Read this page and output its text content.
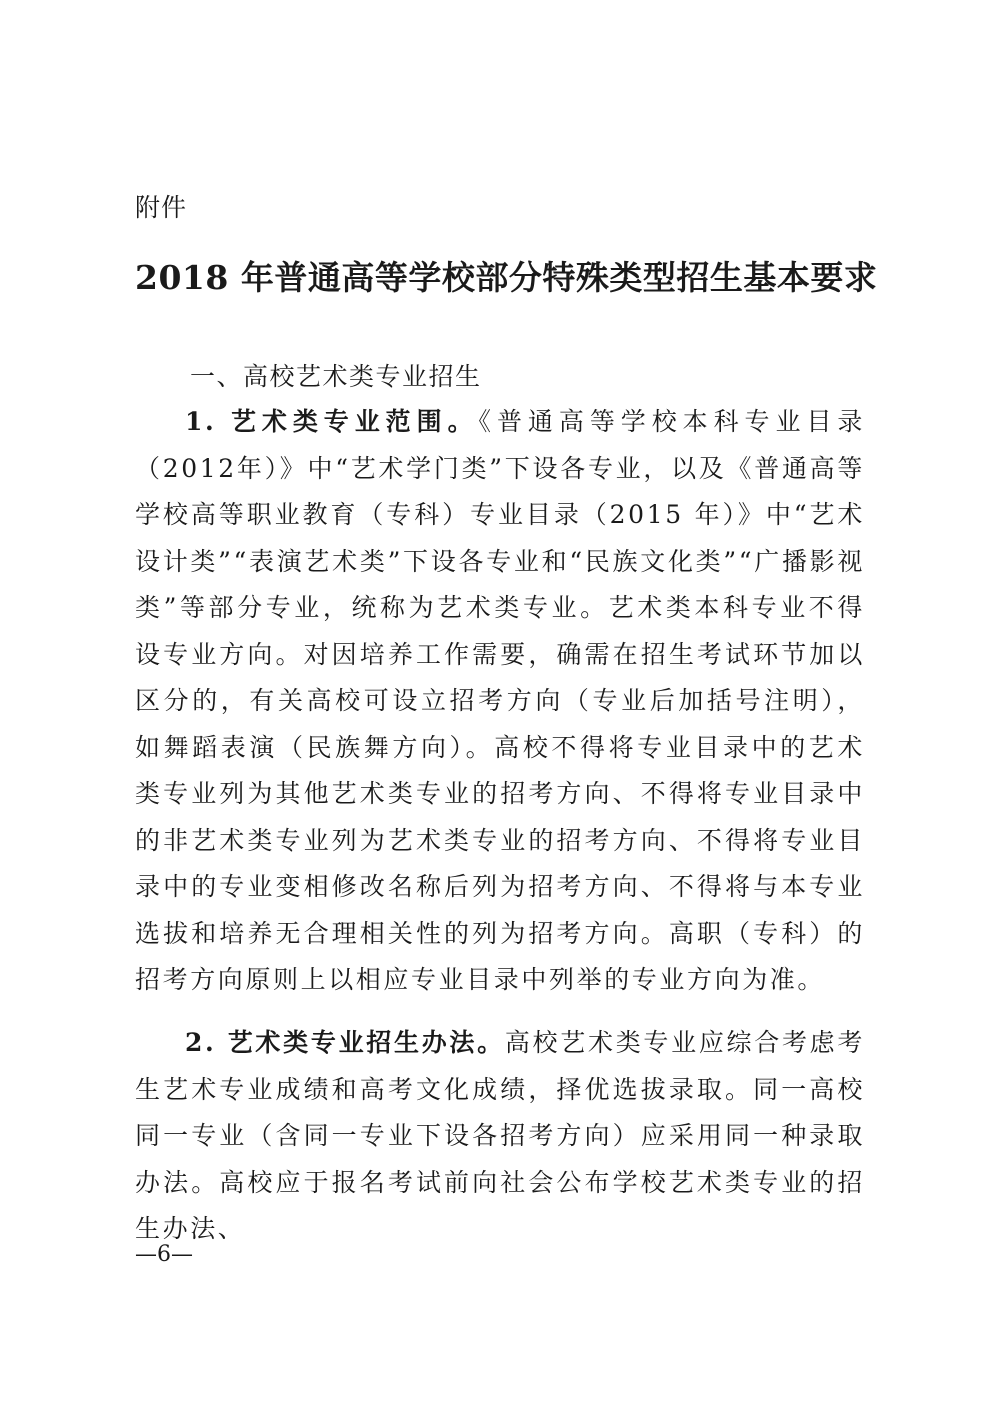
附件
2018 年普通高等学校部分特殊类型招生基本要求
一、高校艺术类专业招生

1. 艺术类专业范围。《普通高等学校本科专业目录（2012年）》中“艺术学门类”下设各专业，以及《普通高等学校高等职业教育（专科）专业目录（2015 年）》中“艺术设计类”“表演艺术类”下设各专业和“民族文化类”“广播影视类”等部分专业，统称为艺术类专业。艺术类本科专业不得设专业方向。对因培养工作需要，确需在招生考试环节加以区分的，有关高校可设立招考方向（专业后加括号注明），如舞蹈表演（民族舞方向）。高校不得将专业目录中的艺术类专业列为其他艺术类专业的招考方向、不得将专业目录中的非艺术类专业列为艺术类专业的招考方向、不得将专业目录中的专业变相修改名称后列为招考方向、不得将与本专业选拔和培养无合理相关性的列为招考方向。高职（专科）的招考方向原则上以相应专业目录中列举的专业方向为准。

2. 艺术类专业招生办法。高校艺术类专业应综合考虑考生艺术专业成绩和高考文化成绩，择优选拔录取。同一高校同一专业（含同一专业下设各招考方向）应采用同一种录取办法。高校应于报名考试前向社会公布学校艺术类专业的招生办法、

—6—
